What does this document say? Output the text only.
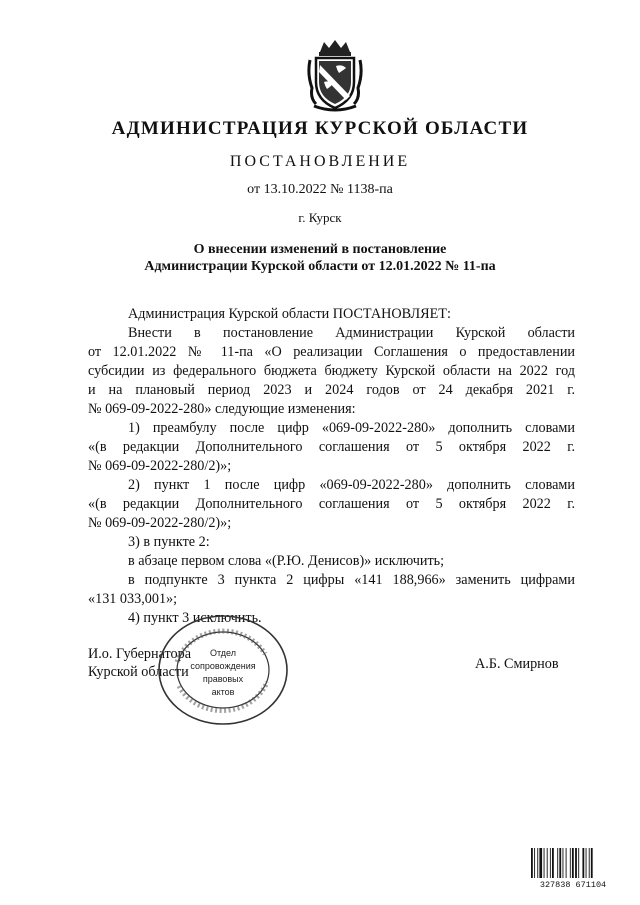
АДМИНИСТРАЦИЯ КУРСКОЙ ОБЛАСТИ
ПОСТАНОВЛЕНИЕ
от 13.10.2022 № 1138-па
г. Курск
О внесении изменений в постановление
Администрации Курской области от 12.01.2022 № 11-па
Администрация Курской области ПОСТАНОВЛЯЕТ:
Внести в постановление Администрации Курской области
от 12.01.2022 № 11-па «О реализации Соглашения о предоставлении
субсидии из федерального бюджета бюджету Курской области на 2022 год
и на плановый период 2023 и 2024 годов от 24 декабря 2021 г.
№ 069-09-2022-280» следующие изменения:
1) преамбулу после цифр «069-09-2022-280» дополнить словами
«(в редакции Дополнительного соглашения от 5 октября 2022 г.
№ 069-09-2022-280/2)»;
2) пункт 1 после цифр «069-09-2022-280» дополнить словами
«(в редакции Дополнительного соглашения от 5 октября 2022 г.
№ 069-09-2022-280/2)»;
3) в пункте 2:
в абзаце первом слова «(Р.Ю. Денисов)» исключить;
в подпункте 3 пункта 2 цифры «141 188,966» заменить цифрами
«131 033,001»;
4) пункт 3 исключить.
И.о. Губернатора
Курской области	А.Б. Смирнов
Отдел
сопровождения
правовых
актов
327838 671104
